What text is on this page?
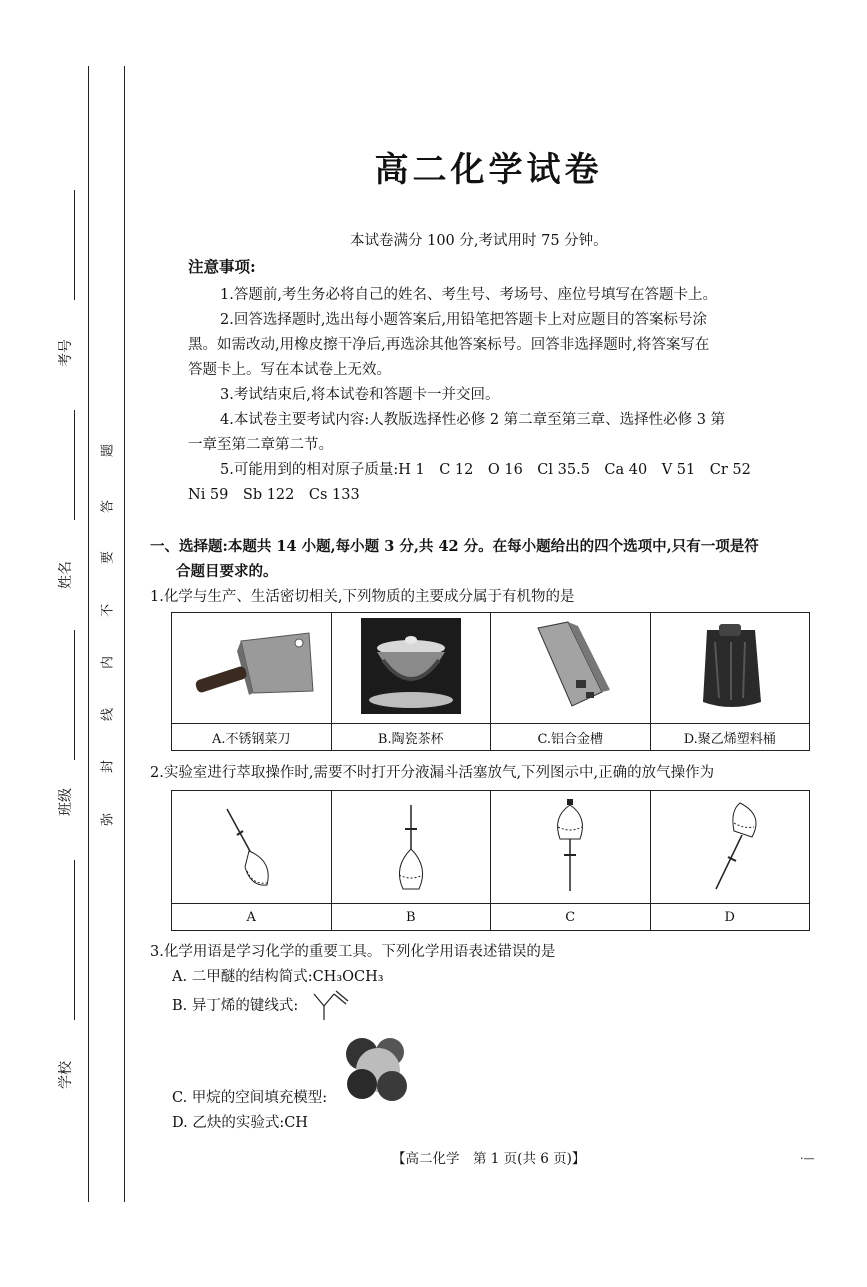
考号
姓名
班级
学校
题
答
要
不
内
线
封
弥
高二化学试卷
本试卷满分 100 分,考试用时 75 分钟。
注意事项:
1.答题前,考生务必将自己的姓名、考生号、考场号、座位号填写在答题卡上。
2.回答选择题时,选出每小题答案后,用铅笔把答题卡上对应题目的答案标号涂
黑。如需改动,用橡皮擦干净后,再选涂其他答案标号。回答非选择题时,将答案写在
答题卡上。写在本试卷上无效。
3.考试结束后,将本试卷和答题卡一并交回。
4.本试卷主要考试内容:人教版选择性必修 2 第二章至第三章、选择性必修 3 第
一章至第二章第二节。
5.可能用到的相对原子质量:H 1　C 12　O 16　Cl 35.5　Ca 40　V 51　Cr 52
Ni 59　Sb 122　Cs 133
一、选择题:本题共 14 小题,每小题 3 分,共 42 分。在每小题给出的四个选项中,只有一项是符
合题目要求的。
1.化学与生产、生活密切相关,下列物质的主要成分属于有机物的是

A.不锈钢菜刀	B.陶瓷茶杯	C.铝合金槽	D.聚乙烯塑料桶
2.实验室进行萃取操作时,需要不时打开分液漏斗活塞放气,下列图示中,正确的放气操作为

A	B	C	D
3.化学用语是学习化学的重要工具。下列化学用语表述错误的是
A. 二甲醚的结构简式:CH₃OCH₃
B. 异丁烯的键线式:
C. 甲烷的空间填充模型:
D. 乙炔的实验式:CH
【高二化学　第 1 页(共 6 页)】	·—
